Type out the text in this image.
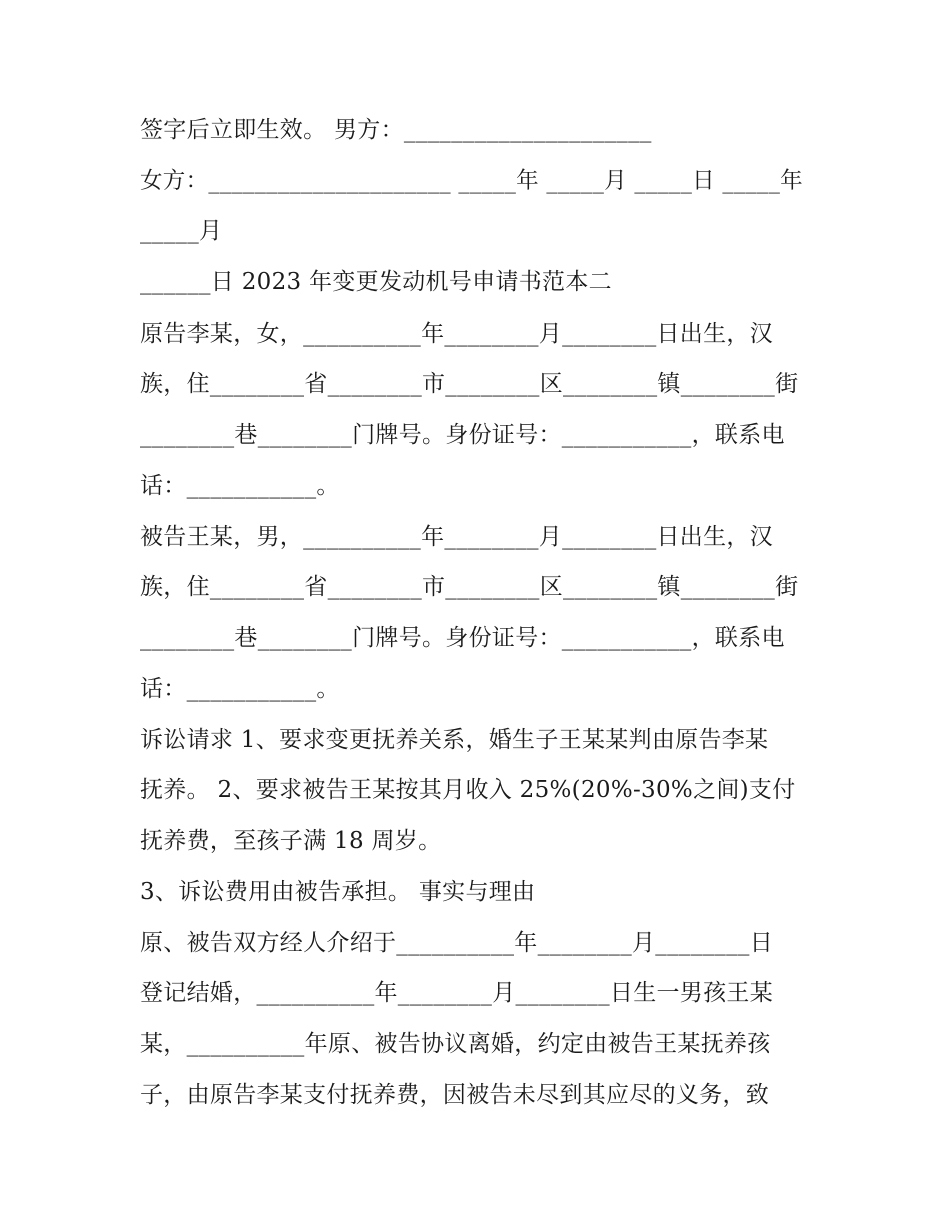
签字后立即生效。 男方：_____________________

女方：_____________________ _____年 _____月 _____日 _____年

_____月

______日 2023 年变更发动机号申请书范本二

原告李某，女，__________年________月________日出生，汉

族，住________省________市________区________镇________街

________巷________门牌号。身份证号：___________，联系电

话：___________。

被告王某，男，__________年________月________日出生，汉

族，住________省________市________区________镇________街

________巷________门牌号。身份证号：___________，联系电

话：___________。

诉讼请求 1、要求变更抚养关系，婚生子王某某判由原告李某

抚养。 2、要求被告王某按其月收入 25%(20%-30%之间)支付

抚养费，至孩子满 18 周岁。

3、诉讼费用由被告承担。 事实与理由

原、被告双方经人介绍于__________年________月________日

登记结婚，__________年________月________日生一男孩王某

某，__________年原、被告协议离婚，约定由被告王某抚养孩

子，由原告李某支付抚养费，因被告未尽到其应尽的义务，致
